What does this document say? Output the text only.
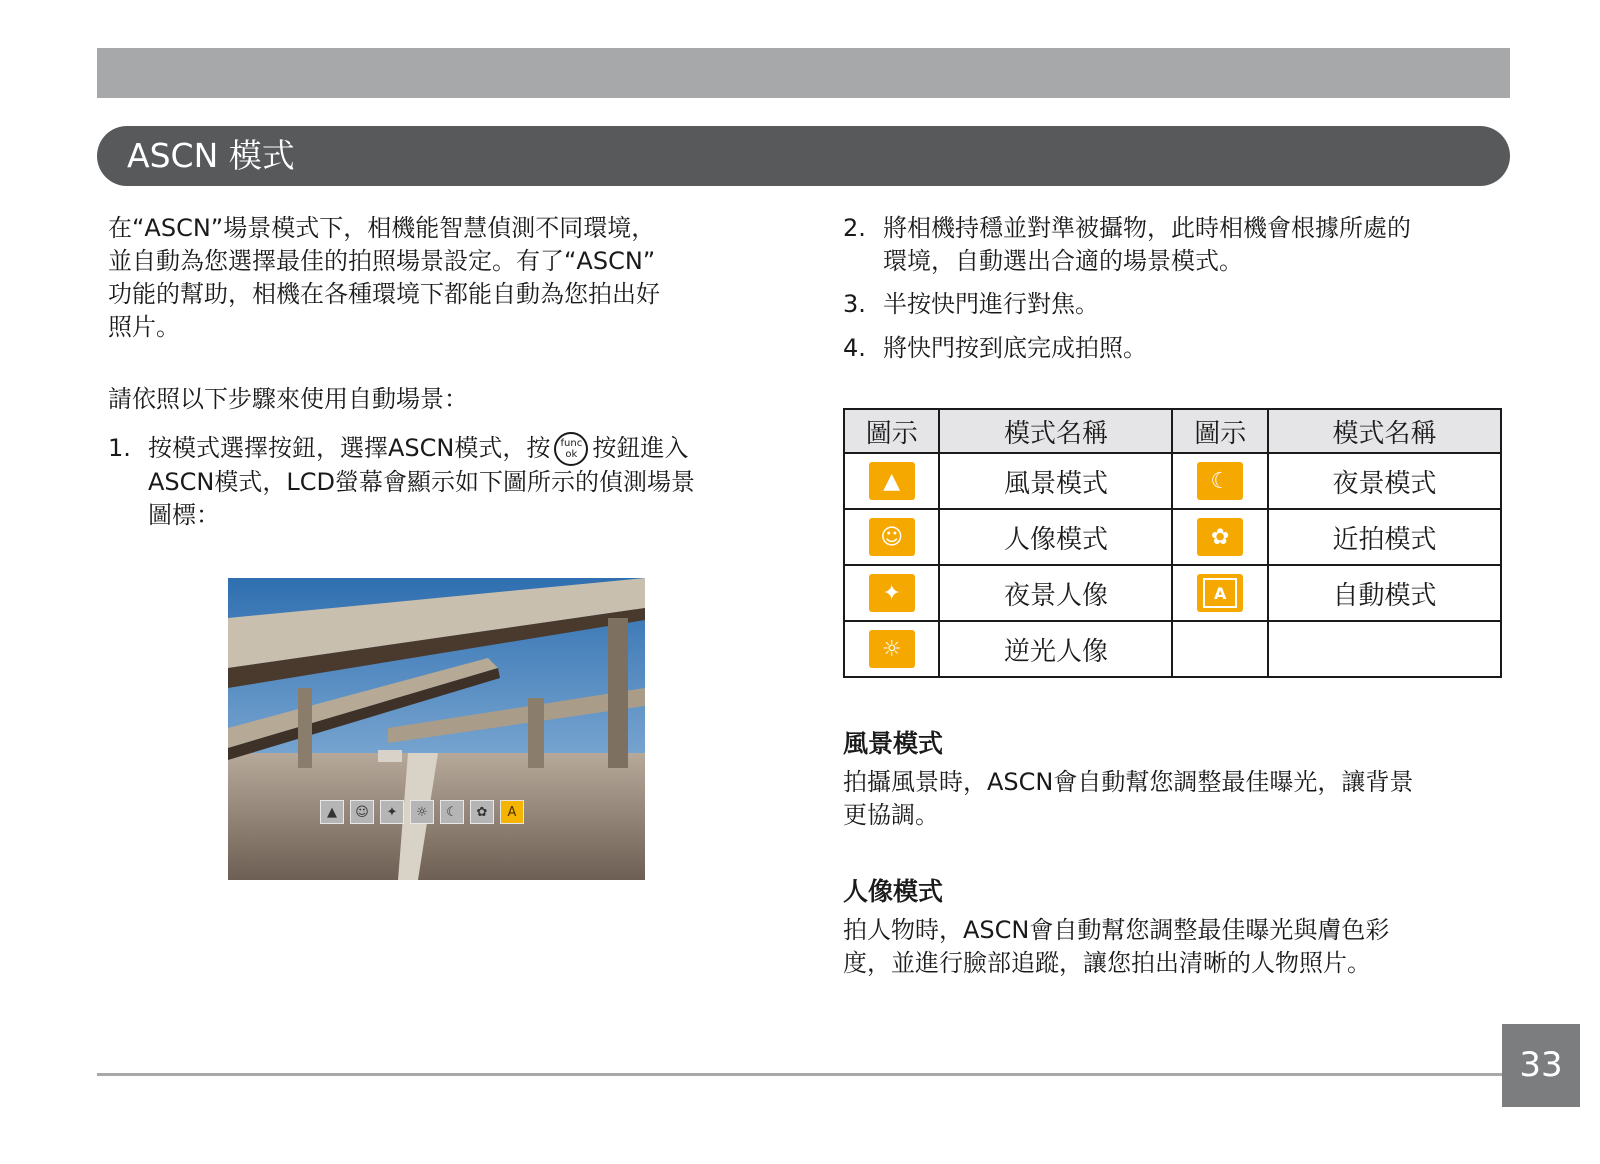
ASCN 模式
在“ASCN”場景模式下，相機能智慧偵測不同環境，
並自動為您選擇最佳的拍照場景設定。有了“ASCN”
功能的幫助，相機在各種環境下都能自動為您拍出好
照片。
請依照以下步驟來使用自動場景：
1. 按模式選擇按鈕，選擇ASCN模式，按 func
ok 按鈕進入
ASCN模式，LCD螢幕會顯示如下圖所示的偵測場景
圖標：
▲	☺	✦	☼	☾	✿	A
2. 將相機持穩並對準被攝物，此時相機會根據所處的
環境，自動選出合適的場景模式。
3. 半按快門進行對焦。
4. 將快門按到底完成拍照。
圖示	模式名稱	圖示	模式名稱
▲	風景模式	☾	夜景模式
☺	人像模式	✿	近拍模式
✦	夜景人像	A	自動模式
☼	逆光人像		
風景模式
拍攝風景時，ASCN會自動幫您調整最佳曝光，讓背景
更協調。
人像模式
拍人物時，ASCN會自動幫您調整最佳曝光與膚色彩
度，並進行臉部追蹤，讓您拍出清晰的人物照片。
33
